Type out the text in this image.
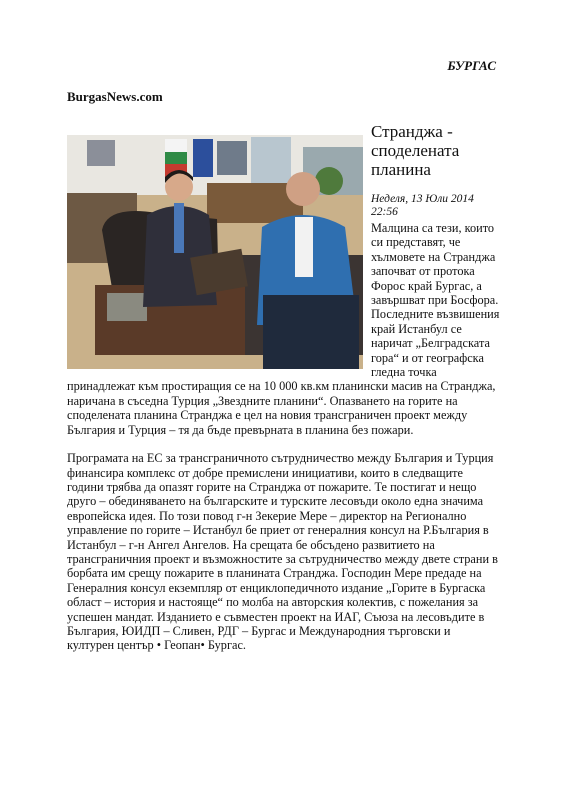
БУРГАС
BurgasNews.com
Странджа - споделената планина
Неделя, 13 Юли 2014 22:56

Малцина са тези, които си представят, че хълмовете на Странджа започват от протока Форос край Бургас, а завършват при Босфора. Последните възвишения край Истанбул се наричат „Белградската гора“ и от географска гледна точка принадлежат към простиращия се на 10 000 кв.км планински масив на Странджа, наричана в съседна Турция „Звездните планини“. Опазването на горите на споделената планина Странджа е цел на новия трансграничен проект между България и Турция – тя да бъде превърната в планина без пожари.

Програмата на ЕС за трансграничното сътрудничество между България и Турция финансира комплекс от добре премислени инициативи, които в следващите години трябва да опазят горите на Странджа от пожарите. Те постигат и нещо друго – обединяването на българските и турските лесовъди около една значима европейска идея. По този повод г-н Зекерие Мере – директор на Регионално управление по горите – Истанбул бе приет от генералния консул на Р.България в Истанбул – г-н Ангел Ангелов. На срещата бе обсъдено развитието на трансграничния проект и възможностите за сътрудничество между двете страни в борбата им срещу пожарите в планината Странджа. Господин Мере предаде на Генералния консул екземпляр от енциклопедичното издание „Горите в Бургаска област – история и настояще“ по молба на авторския колектив, с пожелания за успешен мандат. Изданието е съвместен проект на ИАГ, Съюза на лесовъдите в България, ЮИДП – Сливен, РДГ – Бургас и Международния търговски и културен център • Геопан• Бургас.
